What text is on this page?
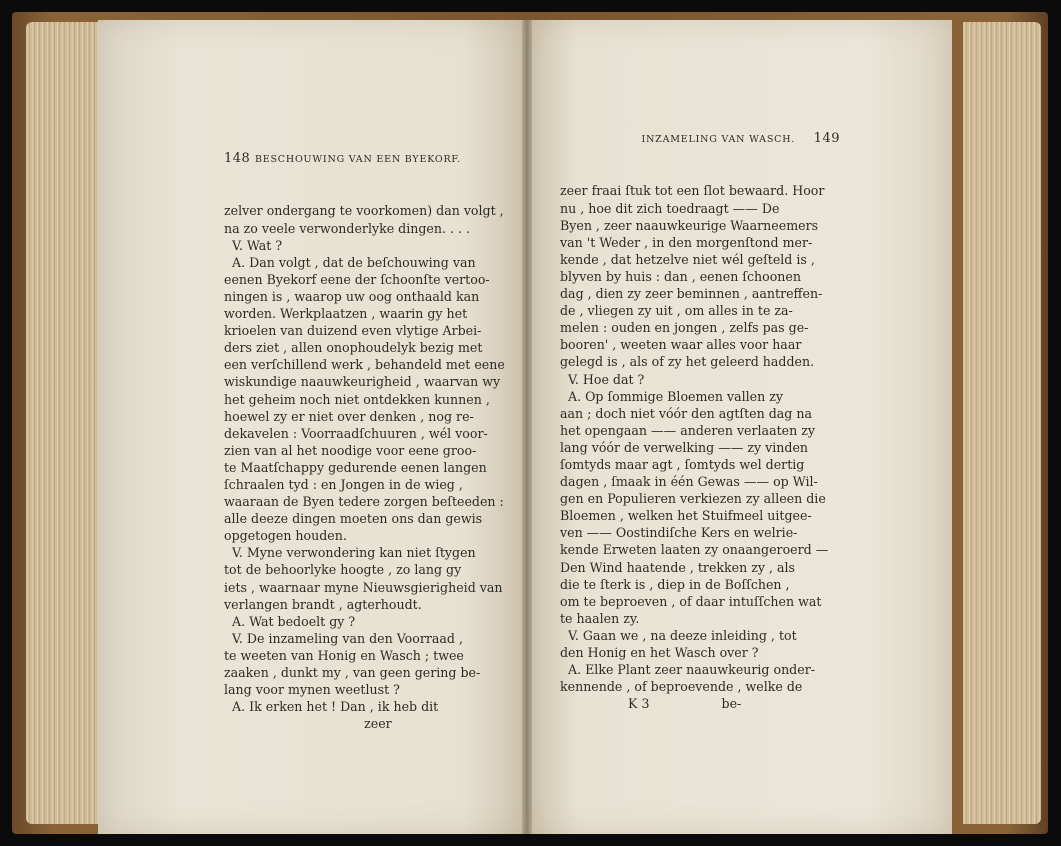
148 BESCHOUWING VAN EEN BYEKORF.

zelver ondergang te voorkomen) dan volgt ,
na zo veele verwonderlyke dingen. . . .
V. Wat ?
A. Dan volgt , dat de beſchouwing van
eenen Byekorf eene der ſchoonſte vertoo-
ningen is , waarop uw oog onthaald kan
worden. Werkplaatzen , waarin gy het
krioelen van duizend even vlytige Arbei-
ders ziet , allen onophoudelyk bezig met
een verſchillend werk , behandeld met eene
wiskundige naauwkeurigheid , waarvan wy
het geheim noch niet ontdekken kunnen ,
hoewel zy er niet over denken , nog re-
dekavelen : Voorraadſchuuren , wél voor-
zien van al het noodige voor eene groo-
te Maatſchappy gedurende eenen langen
ſchraalen tyd : en Jongen in de wieg ,
waaraan de Byen tedere zorgen beſteeden :
alle deeze dingen moeten ons dan gewis
opgetogen houden.
V. Myne verwondering kan niet ſtygen
tot de behoorlyke hoogte , zo lang gy
iets , waarnaar myne Nieuwsgierigheid van
verlangen brandt , agterhoudt.
A. Wat bedoelt gy ?
V. De inzameling van den Voorraad ,
te weeten van Honig en Wasch ; twee
zaaken , dunkt my , van geen gering be-
lang voor mynen weetlust ?
A. Ik erken het ! Dan , ik heb dit
zeer

INZAMELING VAN WASCH. 149

zeer fraai ſtuk tot een ſlot bewaard. Hoor
nu , hoe dit zich toedraagt —— De
Byen , zeer naauwkeurige Waarneemers
van 't Weder , in den morgenſtond mer-
kende , dat hetzelve niet wél geſteld is ,
blyven by huis : dan , eenen ſchoonen
dag , dien zy zeer beminnen , aantreffen-
de , vliegen zy uit , om alles in te za-
melen : ouden en jongen , zelfs pas ge-
booren' , weeten waar alles voor haar
gelegd is , als of zy het geleerd hadden.
V. Hoe dat ?
A. Op ſommige Bloemen vallen zy
aan ; doch niet vóór den agtſten dag na
het opengaan —— anderen verlaaten zy
lang vóór de verwelking —— zy vinden
ſomtyds maar agt , ſomtyds wel dertig
dagen , ſmaak in één Gewas —— op Wil-
gen en Populieren verkiezen zy alleen die
Bloemen , welken het Stuifmeel uitgee-
ven —— Oostindiſche Kers en welrie-
kende Erweten laaten zy onaangeroerd —
Den Wind haatende , trekken zy , als
die te ſterk is , diep in de Boſſchen ,
om te beproeven , of daar intuſſchen wat
te haalen zy.
V. Gaan we , na deeze inleiding , tot
den Honig en het Wasch over ?
A. Elke Plant zeer naauwkeurig onder-
kennende , of beproevende , welke de
K 3                  be-
